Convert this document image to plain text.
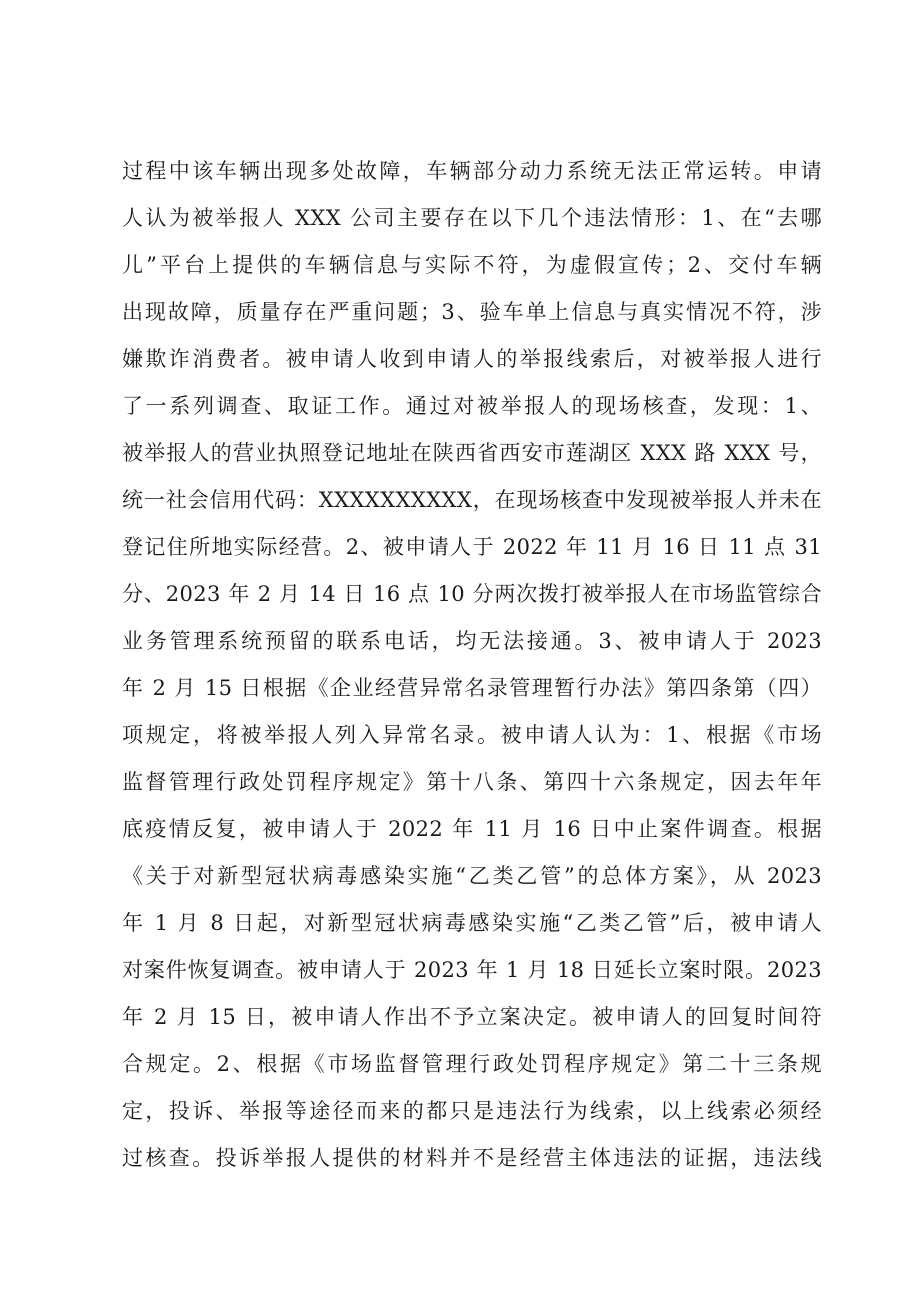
过程中该车辆出现多处故障，车辆部分动力系统无法正常运转。申请
人认为被举报人 XXX 公司主要存在以下几个违法情形：1、在“去哪
儿”平台上提供的车辆信息与实际不符，为虚假宣传；2、交付车辆
出现故障，质量存在严重问题；3、验车单上信息与真实情况不符，涉
嫌欺诈消费者。被申请人收到申请人的举报线索后，对被举报人进行
了一系列调查、取证工作。通过对被举报人的现场核查，发现：1、
被举报人的营业执照登记地址在陕西省西安市莲湖区 XXX 路 XXX 号，
统一社会信用代码：XXXXXXXXXX，在现场核查中发现被举报人并未在
登记住所地实际经营。2、被申请人于 2022 年 11 月 16 日 11 点 31
分、2023 年 2 月 14 日 16 点 10 分两次拨打被举报人在市场监管综合
业务管理系统预留的联系电话，均无法接通。3、被申请人于 2023
年 2 月 15 日根据《企业经营异常名录管理暂行办法》第四条第（四）
项规定，将被举报人列入异常名录。被申请人认为：1、根据《市场
监督管理行政处罚程序规定》第十八条、第四十六条规定，因去年年
底疫情反复，被申请人于 2022 年 11 月 16 日中止案件调查。根据
《关于对新型冠状病毒感染实施“乙类乙管”的总体方案》，从 2023
年 1 月 8 日起，对新型冠状病毒感染实施“乙类乙管”后，被申请人
对案件恢复调查。被申请人于 2023 年 1 月 18 日延长立案时限。2023
年 2 月 15 日，被申请人作出不予立案决定。被申请人的回复时间符
合规定。2、根据《市场监督管理行政处罚程序规定》第二十三条规
定，投诉、举报等途径而来的都只是违法行为线索，以上线索必须经
过核查。投诉举报人提供的材料并不是经营主体违法的证据，违法线
